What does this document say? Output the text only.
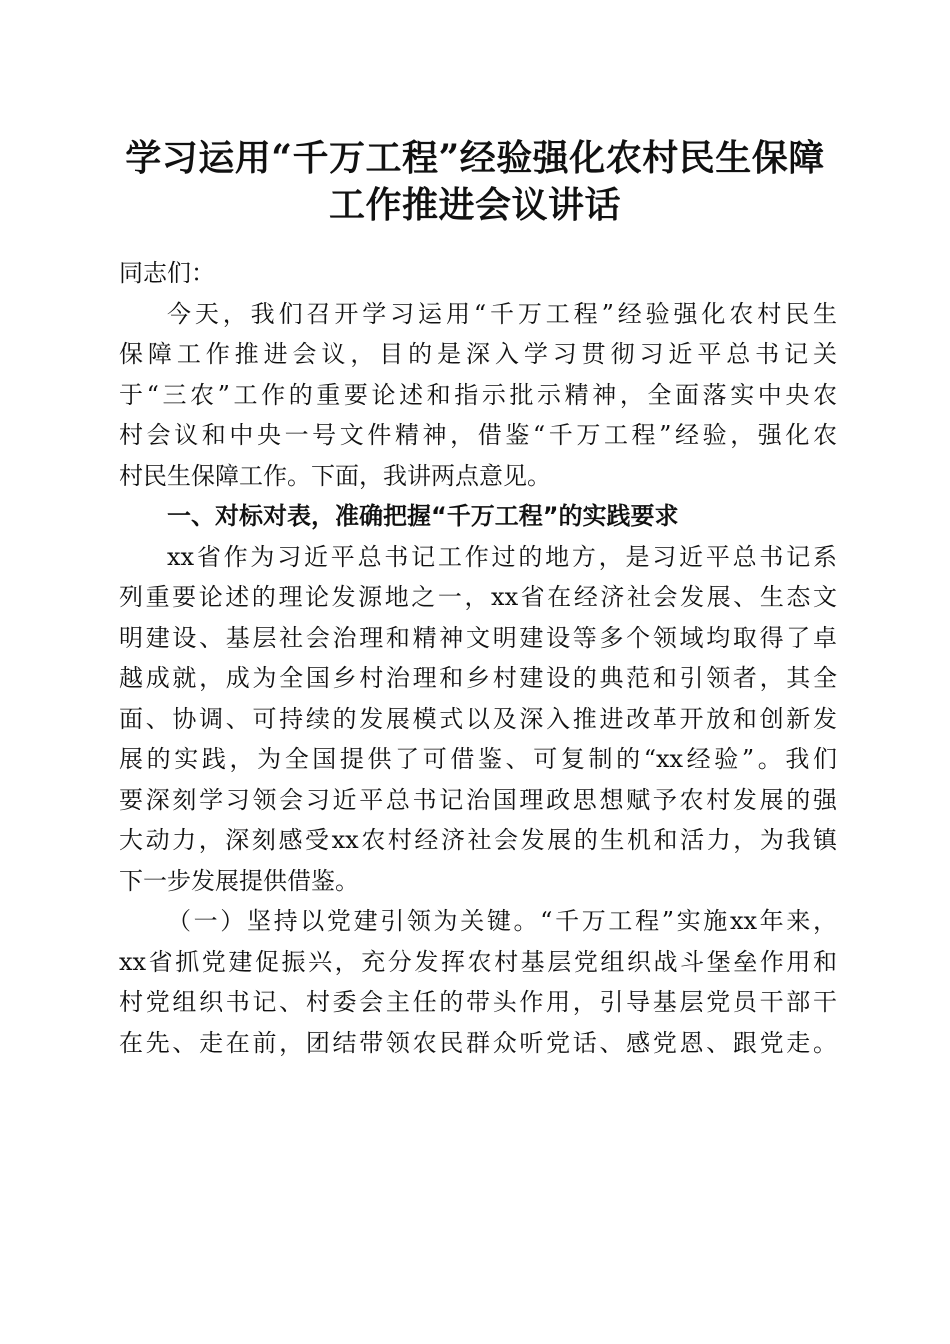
学习运用“千万工程”经验强化农村民生保障
工作推进会议讲话
同志们：
今天，我们召开学习运用“千万工程”经验强化农村民生
保障工作推进会议，目的是深入学习贯彻习近平总书记关
于“三农”工作的重要论述和指示批示精神，全面落实中央农
村会议和中央一号文件精神，借鉴“千万工程”经验，强化农
村民生保障工作。下面，我讲两点意见。
一、对标对表，准确把握“千万工程”的实践要求
xx省作为习近平总书记工作过的地方，是习近平总书记系
列重要论述的理论发源地之一，xx省在经济社会发展、生态文
明建设、基层社会治理和精神文明建设等多个领域均取得了卓
越成就，成为全国乡村治理和乡村建设的典范和引领者，其全
面、协调、可持续的发展模式以及深入推进改革开放和创新发
展的实践，为全国提供了可借鉴、可复制的“xx经验”。我们
要深刻学习领会习近平总书记治国理政思想赋予农村发展的强
大动力，深刻感受xx农村经济社会发展的生机和活力，为我镇
下一步发展提供借鉴。
（一）坚持以党建引领为关键。“千万工程”实施xx年来，
xx省抓党建促振兴，充分发挥农村基层党组织战斗堡垒作用和
村党组织书记、村委会主任的带头作用，引导基层党员干部干
在先、走在前，团结带领农民群众听党话、感党恩、跟党走。
